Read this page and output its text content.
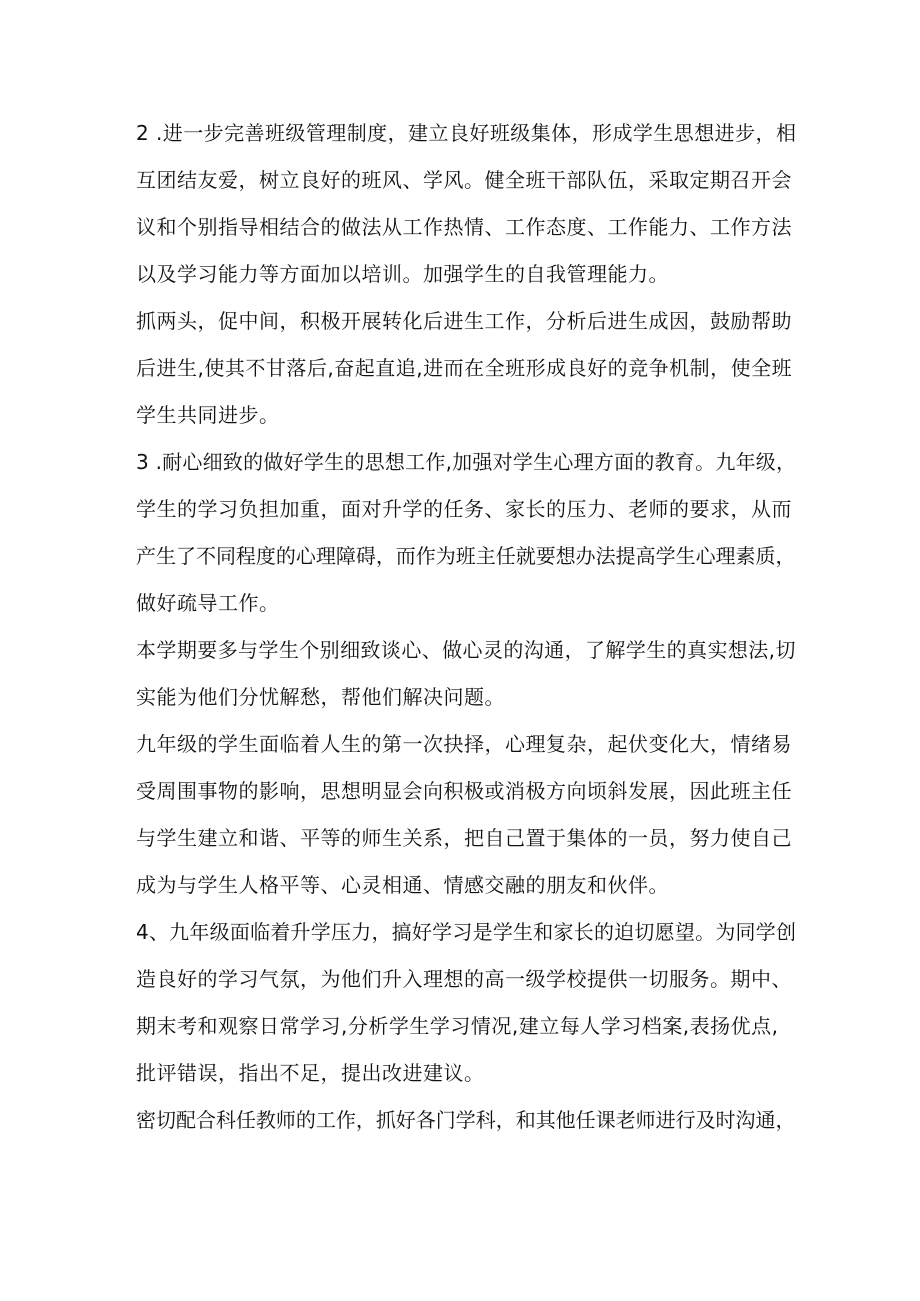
2 .进一步完善班级管理制度，建立良好班级集体，形成学生思想进步，相
互团结友爱，树立良好的班风、学风。健全班干部队伍，采取定期召开会
议和个别指导相结合的做法从工作热情、工作态度、工作能力、工作方法
以及学习能力等方面加以培训。加强学生的自我管理能力。

抓两头，促中间，积极开展转化后进生工作，分析后进生成因，鼓励帮助
后进生,使其不甘落后,奋起直追,进而在全班形成良好的竞争机制，使全班
学生共同进步。

3 .耐心细致的做好学生的思想工作,加强对学生心理方面的教育。九年级，
学生的学习负担加重，面对升学的任务、家长的压力、老师的要求，从而
产生了不同程度的心理障碍，而作为班主任就要想办法提高学生心理素质，
做好疏导工作。

本学期要多与学生个别细致谈心、做心灵的沟通，了解学生的真实想法,切
实能为他们分忧解愁，帮他们解决问题。

九年级的学生面临着人生的第一次抉择，心理复杂，起伏变化大，情绪易
受周围事物的影响，思想明显会向积极或消极方向顷斜发展，因此班主任
与学生建立和谐、平等的师生关系，把自己置于集体的一员，努力使自己
成为与学生人格平等、心灵相通、情感交融的朋友和伙伴。

4、九年级面临着升学压力，搞好学习是学生和家长的迫切愿望。为同学创
造良好的学习气氛，为他们升入理想的高一级学校提供一切服务。期中、
期末考和观察日常学习,分析学生学习情况,建立每人学习档案,表扬优点,
批评错误，指出不足，提出改进建议。

密切配合科任教师的工作，抓好各门学科，和其他任课老师进行及时沟通，
